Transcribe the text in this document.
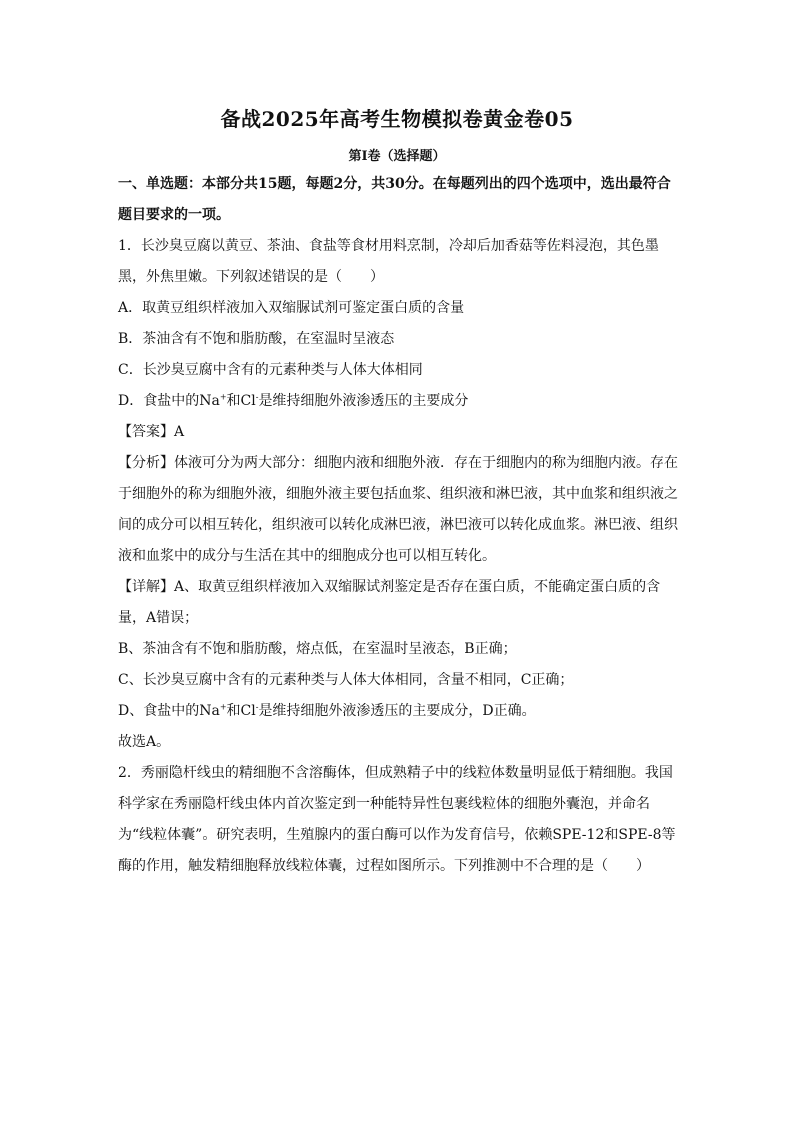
备战2025年高考生物模拟卷黄金卷05
第I卷（选择题）

一、单选题：本部分共15题，每题2分，共30分。在每题列出的四个选项中，选出最符合题目要求的一项。

1．长沙臭豆腐以黄豆、茶油、食盐等食材用料烹制，冷却后加香菇等佐料浸泡，其色墨黑，外焦里嫩。下列叙述错误的是（　　）

A．取黄豆组织样液加入双缩脲试剂可鉴定蛋白质的含量

B．茶油含有不饱和脂肪酸，在室温时呈液态

C．长沙臭豆腐中含有的元素种类与人体大体相同

D．食盐中的Na+和Cl-是维持细胞外液渗透压的主要成分

【答案】A

【分析】体液可分为两大部分：细胞内液和细胞外液．存在于细胞内的称为细胞内液。存在于细胞外的称为细胞外液，细胞外液主要包括血浆、组织液和淋巴液，其中血浆和组织液之间的成分可以相互转化，组织液可以转化成淋巴液，淋巴液可以转化成血浆。淋巴液、组织液和血浆中的成分与生活在其中的细胞成分也可以相互转化。

【详解】A、取黄豆组织样液加入双缩脲试剂鉴定是否存在蛋白质，不能确定蛋白质的含量，A错误；

B、茶油含有不饱和脂肪酸，熔点低，在室温时呈液态，B正确；

C、长沙臭豆腐中含有的元素种类与人体大体相同，含量不相同，C正确；

D、食盐中的Na+和Cl-是维持细胞外液渗透压的主要成分，D正确。

故选A。

2．秀丽隐杆线虫的精细胞不含溶酶体，但成熟精子中的线粒体数量明显低于精细胞。我国科学家在秀丽隐杆线虫体内首次鉴定到一种能特异性包裹线粒体的细胞外囊泡，并命名为“线粒体囊”。研究表明，生殖腺内的蛋白酶可以作为发育信号，依赖SPE-12和SPE-8等酶的作用，触发精细胞释放线粒体囊，过程如图所示。下列推测中不合理的是（　　）
